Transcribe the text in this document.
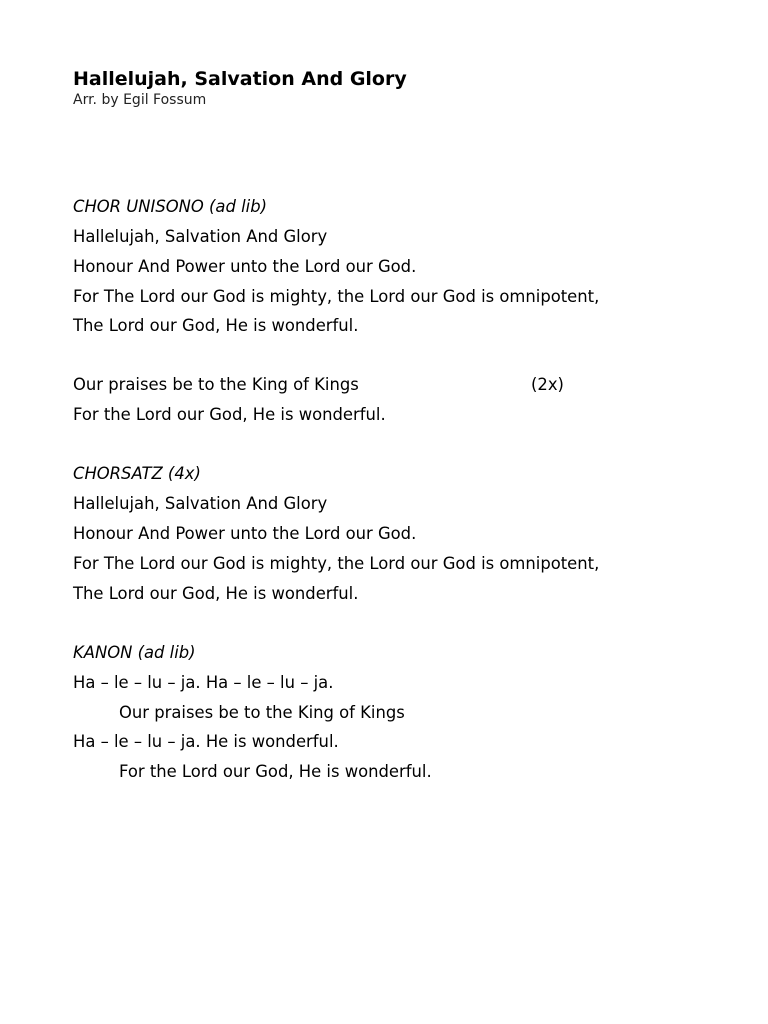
Hallelujah, Salvation And Glory
Arr. by Egil Fossum
CHOR UNISONO (ad lib)
Hallelujah, Salvation And Glory
Honour And Power unto the Lord our God.
For The Lord our God is mighty, the Lord our God is omnipotent,
The Lord our God, He is wonderful.
Our praises be to the King of Kings	(2x)
For the Lord our God, He is wonderful.
CHORSATZ (4x)
Hallelujah, Salvation And Glory
Honour And Power unto the Lord our God.
For The Lord our God is mighty, the Lord our God is omnipotent,
The Lord our God, He is wonderful.
KANON (ad lib)
Ha – le – lu – ja. Ha – le – lu – ja.
Our praises be to the King of Kings
Ha – le – lu – ja. He is wonderful.
For the Lord our God, He is wonderful.
